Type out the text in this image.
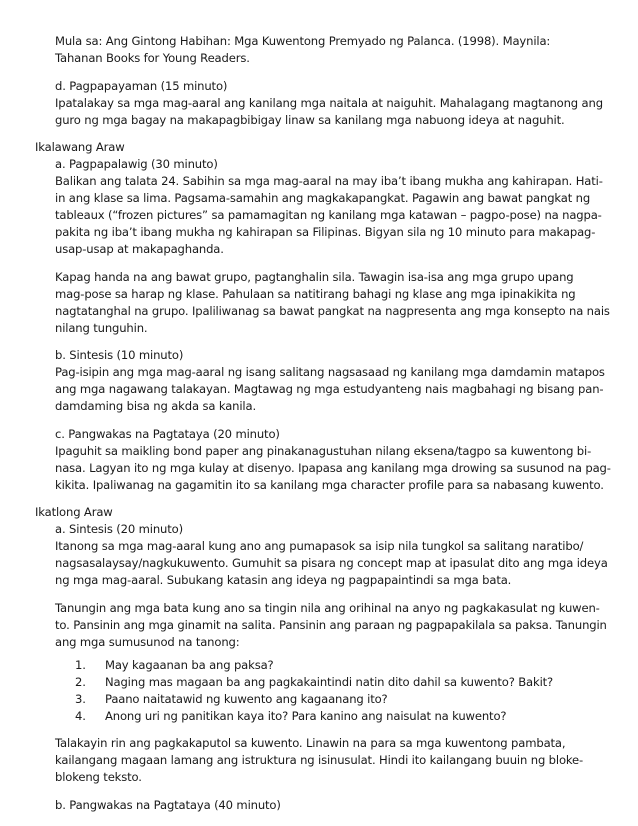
Mula sa: Ang Gintong Habihan: Mga Kuwentong Premyado ng Palanca. (1998). Maynila:
Tahanan Books for Young Readers.
d. Pagpapayaman (15 minuto)
Ipatalakay sa mga mag-aaral ang kanilang mga naitala at naiguhit. Mahalagang magtanong ang
guro ng mga bagay na makapagbibigay linaw sa kanilang mga nabuong ideya at naguhit.
Ikalawang Araw
a. Pagpapalawig (30 minuto)
Balikan ang talata 24. Sabihin sa mga mag-aaral na may iba’t ibang mukha ang kahirapan. Hati-
in ang klase sa lima. Pagsama-samahin ang magkakapangkat. Pagawin ang bawat pangkat ng
tableaux (“frozen pictures” sa pamamagitan ng kanilang mga katawan – pagpo-pose) na nagpa-
pakita ng iba’t ibang mukha ng kahirapan sa Filipinas. Bigyan sila ng 10 minuto para makapag-
usap-usap at makapaghanda.
Kapag handa na ang bawat grupo, pagtanghalin sila. Tawagin isa-isa ang mga grupo upang
mag-pose sa harap ng klase. Pahulaan sa natitirang bahagi ng klase ang mga ipinakikita ng
nagtatanghal na grupo. Ipaliliwanag sa bawat pangkat na nagpresenta ang mga konsepto na nais
nilang tunguhin.
b. Sintesis (10 minuto)
Pag-isipin ang mga mag-aaral ng isang salitang nagsasaad ng kanilang mga damdamin matapos
ang mga nagawang talakayan. Magtawag ng mga estudyanteng nais magbahagi ng bisang pan-
damdaming bisa ng akda sa kanila.
c. Pangwakas na Pagtataya (20 minuto)
Ipaguhit sa maikling bond paper ang pinakanagustuhan nilang eksena/tagpo sa kuwentong bi-
nasa. Lagyan ito ng mga kulay at disenyo. Ipapasa ang kanilang mga drowing sa susunod na pag-
kikita. Ipaliwanag na gagamitin ito sa kanilang mga character profile para sa nabasang kuwento.
Ikatlong Araw
a. Sintesis (20 minuto)
Itanong sa mga mag-aaral kung ano ang pumapasok sa isip nila tungkol sa salitang naratibo/
nagsasalaysay/nagkukuwento. Gumuhit sa pisara ng concept map at ipasulat dito ang mga ideya
ng mga mag-aaral. Subukang katasin ang ideya ng pagpapaintindi sa mga bata.
Tanungin ang mga bata kung ano sa tingin nila ang orihinal na anyo ng pagkakasulat ng kuwen-
to. Pansinin ang mga ginamit na salita. Pansinin ang paraan ng pagpapakilala sa paksa. Tanungin
ang mga sumusunod na tanong:
1. May kagaanan ba ang paksa?
2. Naging mas magaan ba ang pagkakaintindi natin dito dahil sa kuwento? Bakit?
3. Paano naitatawid ng kuwento ang kagaanang ito?
4. Anong uri ng panitikan kaya ito? Para kanino ang naisulat na kuwento?
Talakayin rin ang pagkakaputol sa kuwento. Linawin na para sa mga kuwentong pambata,
kailangang magaan lamang ang istruktura ng isinusulat. Hindi ito kailangang buuin ng bloke-
blokeng teksto.
b. Pangwakas na Pagtataya (40 minuto)
